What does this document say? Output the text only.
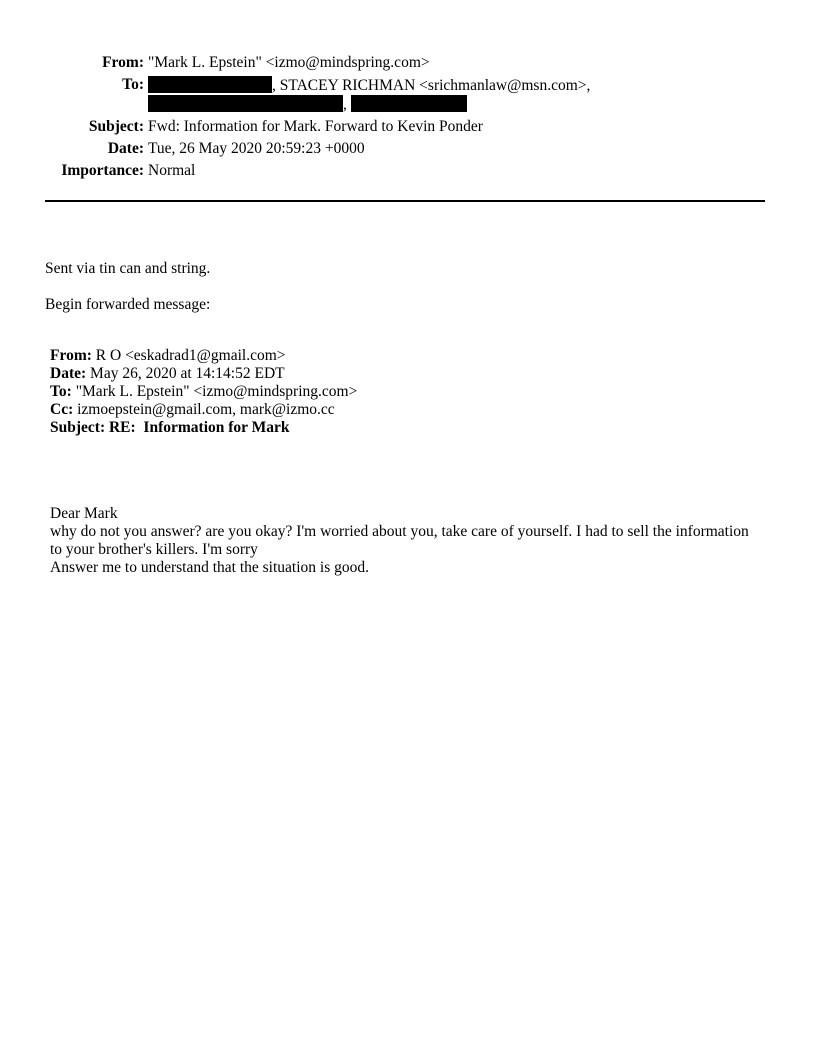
From: "Mark L. Epstein" <izmo@mindspring.com>
To:	, STACEY RICHMAN <srichmanlaw@msn.com>,
,
Subject: Fwd: Information for Mark. Forward to Kevin Ponder
Date: Tue, 26 May 2020 20:59:23 +0000
Importance: Normal
Sent via tin can and string.
Begin forwarded message:
From: R O <eskadrad1@gmail.com>
Date: May 26, 2020 at 14:14:52 EDT
To: "Mark L. Epstein" <izmo@mindspring.com>
Cc: izmoepstein@gmail.com, mark@izmo.cc
Subject: RE:  Information for Mark
Dear Mark
why do not you answer? are you okay? I'm worried about you, take care of yourself. I had to sell the information to your brother's killers. I'm sorry
Answer me to understand that the situation is good.
